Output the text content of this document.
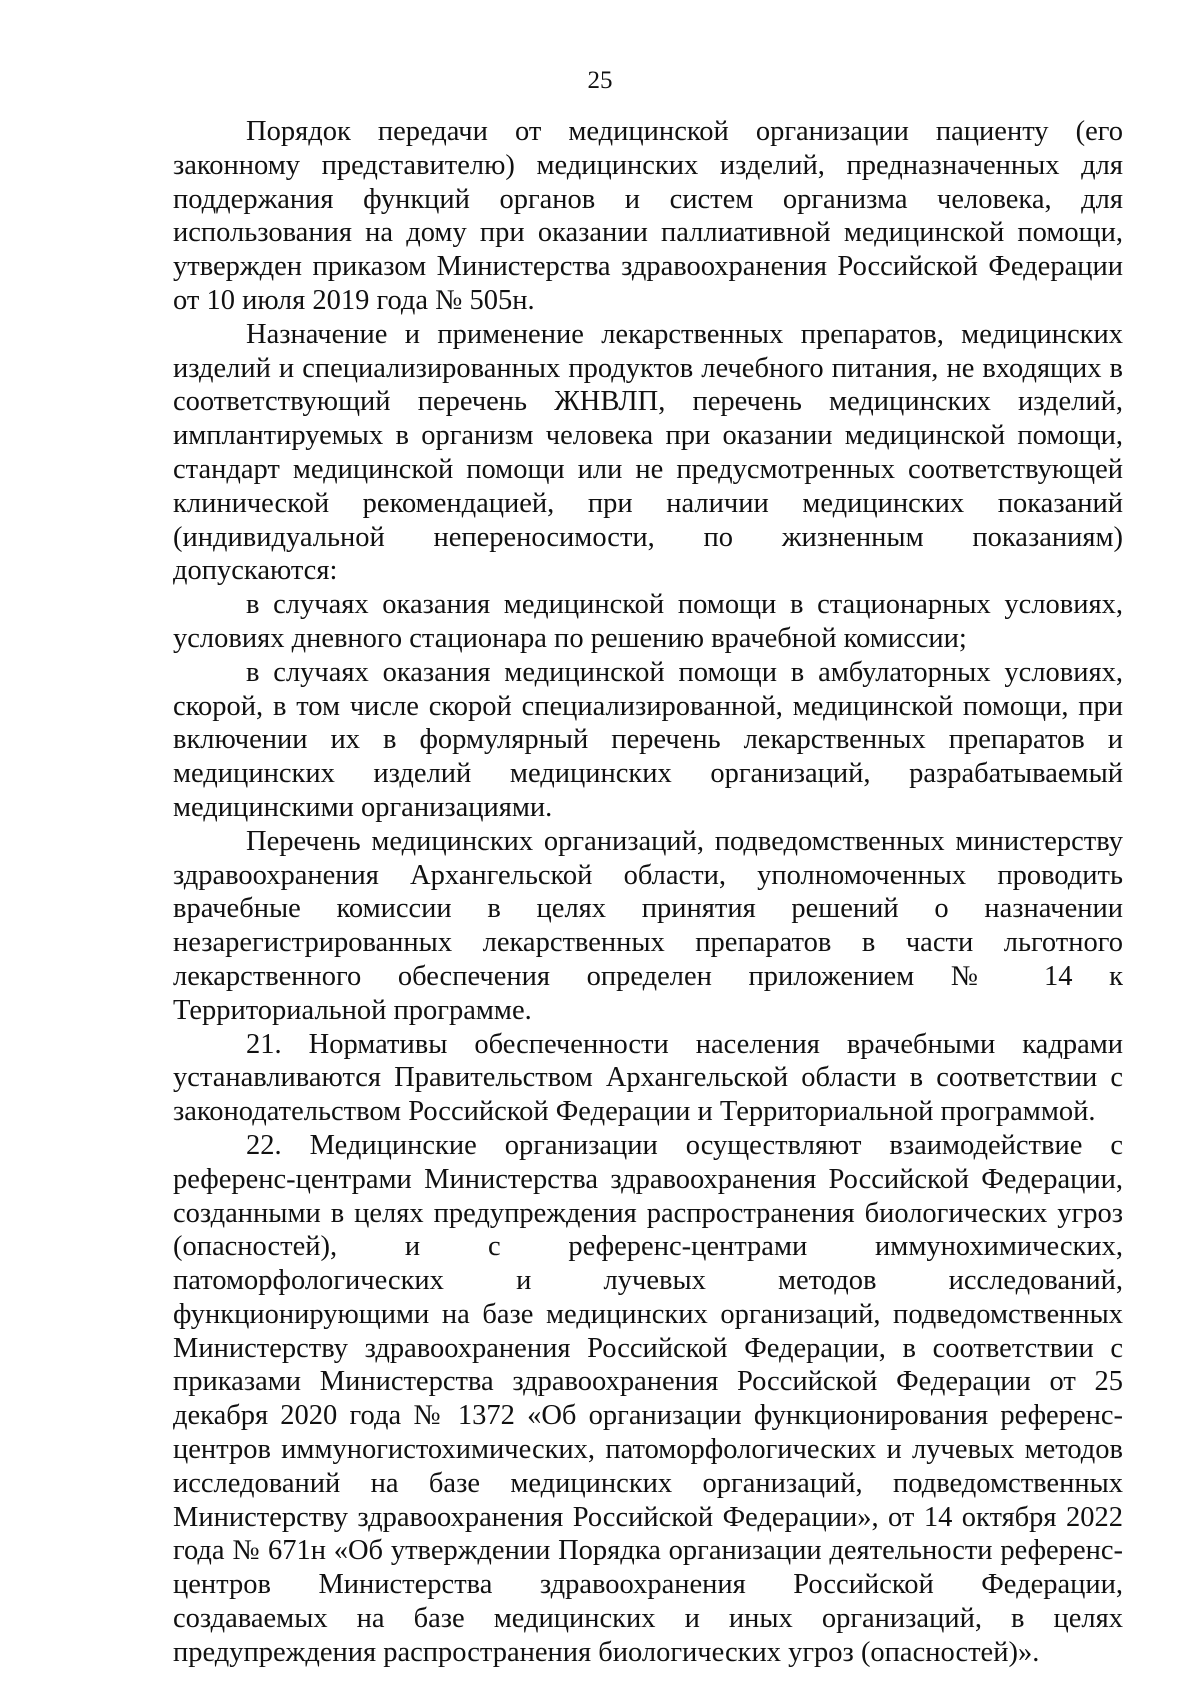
25

Порядок передачи от медицинской организации пациенту (его законному представителю) медицинских изделий, предназначенных для поддержания функций органов и систем организма человека, для использования на дому при оказании паллиативной медицинской помощи, утвержден приказом Министерства здравоохранения Российской Федерации от 10 июля 2019 года № 505н.

Назначение и применение лекарственных препаратов, медицинских изделий и специализированных продуктов лечебного питания, не входящих в соответствующий перечень ЖНВЛП, перечень медицинских изделий, имплантируемых в организм человека при оказании медицинской помощи, стандарт медицинской помощи или не предусмотренных соответствующей клинической рекомендацией, при наличии медицинских показаний (индивидуальной непереносимости, по жизненным показаниям) допускаются:

в случаях оказания медицинской помощи в стационарных условиях, условиях дневного стационара по решению врачебной комиссии;

в случаях оказания медицинской помощи в амбулаторных условиях, скорой, в том числе скорой специализированной, медицинской помощи, при включении их в формулярный перечень лекарственных препаратов и медицинских изделий медицинских организаций, разрабатываемый медицинскими организациями.

Перечень медицинских организаций, подведомственных министерству здравоохранения Архангельской области, уполномоченных проводить врачебные комиссии в целях принятия решений о назначении незарегистрированных лекарственных препаратов в части льготного лекарственного обеспечения определен приложением № 14 к Территориальной программе.

21. Нормативы обеспеченности населения врачебными кадрами устанавливаются Правительством Архангельской области в соответствии с законодательством Российской Федерации и Территориальной программой.

22. Медицинские организации осуществляют взаимодействие с референс-центрами Министерства здравоохранения Российской Федерации, созданными в целях предупреждения распространения биологических угроз (опасностей), и с референс-центрами иммунохимических, патоморфологических и лучевых методов исследований, функционирующими на базе медицинских организаций, подведомственных Министерству здравоохранения Российской Федерации, в соответствии с приказами Министерства здравоохранения Российской Федерации от 25 декабря 2020 года № 1372 «Об организации функционирования референс-центров иммуногистохимических, патоморфологических и лучевых методов исследований на базе медицинских организаций, подведомственных Министерству здравоохранения Российской Федерации», от 14 октября 2022 года № 671н «Об утверждении Порядка организации деятельности референс-центров Министерства здравоохранения Российской Федерации, создаваемых на базе медицинских и иных организаций, в целях предупреждения распространения биологических угроз (опасностей)».
